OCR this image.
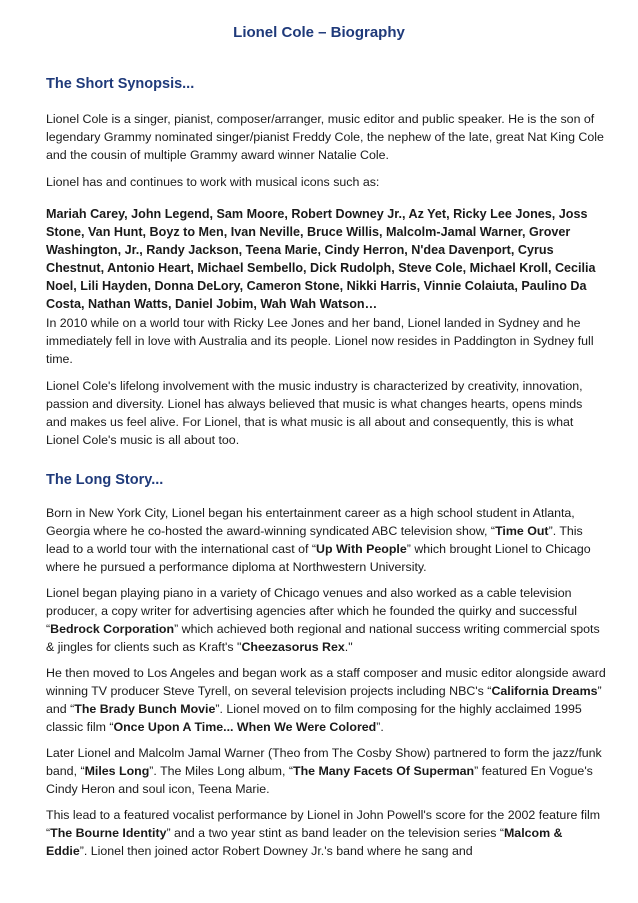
Lionel Cole – Biography
The Short Synopsis...

Lionel Cole is a singer, pianist, composer/arranger, music editor and public speaker. He is the son of legendary Grammy nominated singer/pianist Freddy Cole, the nephew of the late, great Nat King Cole and the cousin of multiple Grammy award winner Natalie Cole.

Lionel has and continues to work with musical icons such as:

Mariah Carey, John Legend, Sam Moore, Robert Downey Jr., Az Yet, Ricky Lee Jones, Joss Stone, Van Hunt, Boyz to Men, Ivan Neville, Bruce Willis, Malcolm-Jamal Warner, Grover Washington, Jr., Randy Jackson, Teena Marie, Cindy Herron, N'dea Davenport, Cyrus Chestnut, Antonio Heart, Michael Sembello, Dick Rudolph, Steve Cole, Michael Kroll, Cecilia Noel, Lili Hayden, Donna DeLory, Cameron Stone, Nikki Harris, Vinnie Colaiuta, Paulino Da Costa, Nathan Watts, Daniel Jobim, Wah Wah Watson…

In 2010 while on a world tour with Ricky Lee Jones and her band, Lionel landed in Sydney and he immediately fell in love with Australia and its people. Lionel now resides in Paddington in Sydney full time.

Lionel Cole's lifelong involvement with the music industry is characterized by creativity, innovation, passion and diversity. Lionel has always believed that music is what changes hearts, opens minds and makes us feel alive. For Lionel, that is what music is all about and consequently, this is what Lionel Cole's music is all about too.

The Long Story...

Born in New York City, Lionel began his entertainment career as a high school student in Atlanta, Georgia where he co-hosted the award-winning syndicated ABC television show, “Time Out”. This lead to a world tour with the international cast of “Up With People” which brought Lionel to Chicago where he pursued a performance diploma at Northwestern University.

Lionel began playing piano in a variety of Chicago venues and also worked as a cable television producer, a copy writer for advertising agencies after which he founded the quirky and successful “Bedrock Corporation” which achieved both regional and national success writing commercial spots & jingles for clients such as Kraft's "Cheezasorus Rex."

He then moved to Los Angeles and began work as a staff composer and music editor alongside award winning TV producer Steve Tyrell, on several television projects including NBC's “California Dreams” and “The Brady Bunch Movie”. Lionel moved on to film composing for the highly acclaimed 1995 classic film “Once Upon A Time... When We Were Colored”.

Later Lionel and Malcolm Jamal Warner (Theo from The Cosby Show) partnered to form the jazz/funk band, “Miles Long”. The Miles Long album, “The Many Facets Of Superman” featured En Vogue's Cindy Heron and soul icon, Teena Marie.

This lead to a featured vocalist performance by Lionel in John Powell's score for the 2002 feature film “The Bourne Identity” and a two year stint as band leader on the television series “Malcom & Eddie”. Lionel then joined actor Robert Downey Jr.'s band where he sang and
